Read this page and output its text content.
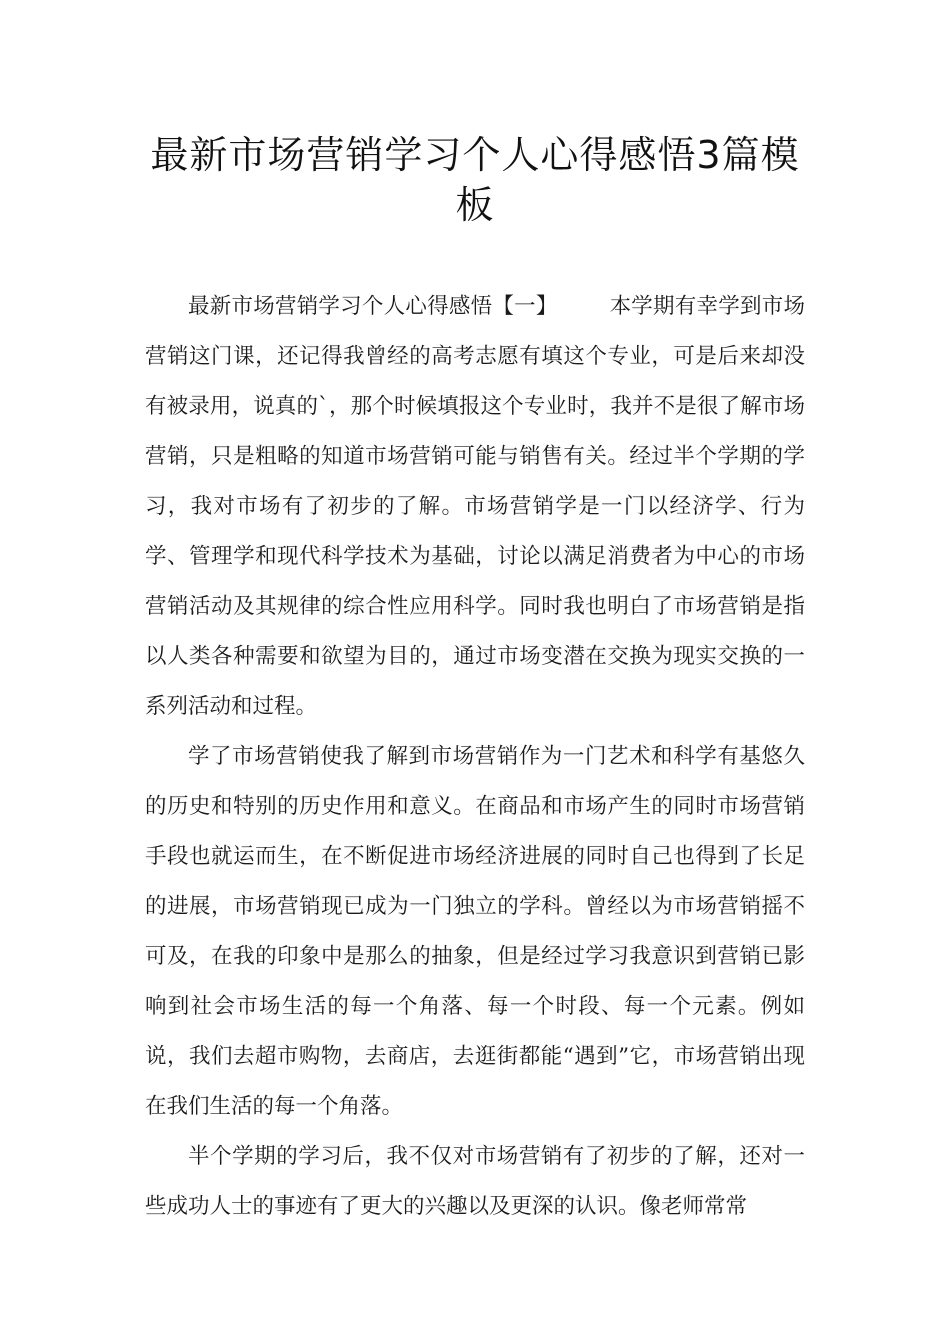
最新市场营销学习个人心得感悟3篇模板

最新市场营销学习个人心得感悟【一】 本学期有幸学到市场营销这门课，还记得我曾经的高考志愿有填这个专业，可是后来却没有被录用，说真的`，那个时候填报这个专业时，我并不是很了解市场营销，只是粗略的知道市场营销可能与销售有关。经过半个学期的学习，我对市场有了初步的了解。市场营销学是一门以经济学、行为学、管理学和现代科学技术为基础，讨论以满足消费者为中心的市场营销活动及其规律的综合性应用科学。同时我也明白了市场营销是指以人类各种需要和欲望为目的，通过市场变潜在交换为现实交换的一系列活动和过程。

学了市场营销使我了解到市场营销作为一门艺术和科学有基悠久的历史和特别的历史作用和意义。在商品和市场产生的同时市场营销手段也就运而生，在不断促进市场经济进展的同时自己也得到了长足的进展，市场营销现已成为一门独立的学科。曾经以为市场营销摇不可及，在我的印象中是那么的抽象，但是经过学习我意识到营销已影响到社会市场生活的每一个角落、每一个时段、每一个元素。例如说，我们去超市购物，去商店，去逛街都能“遇到”它，市场营销出现在我们生活的每一个角落。

半个学期的学习后，我不仅对市场营销有了初步的了解，还对一些成功人士的事迹有了更大的兴趣以及更深的认识。像老师常常
